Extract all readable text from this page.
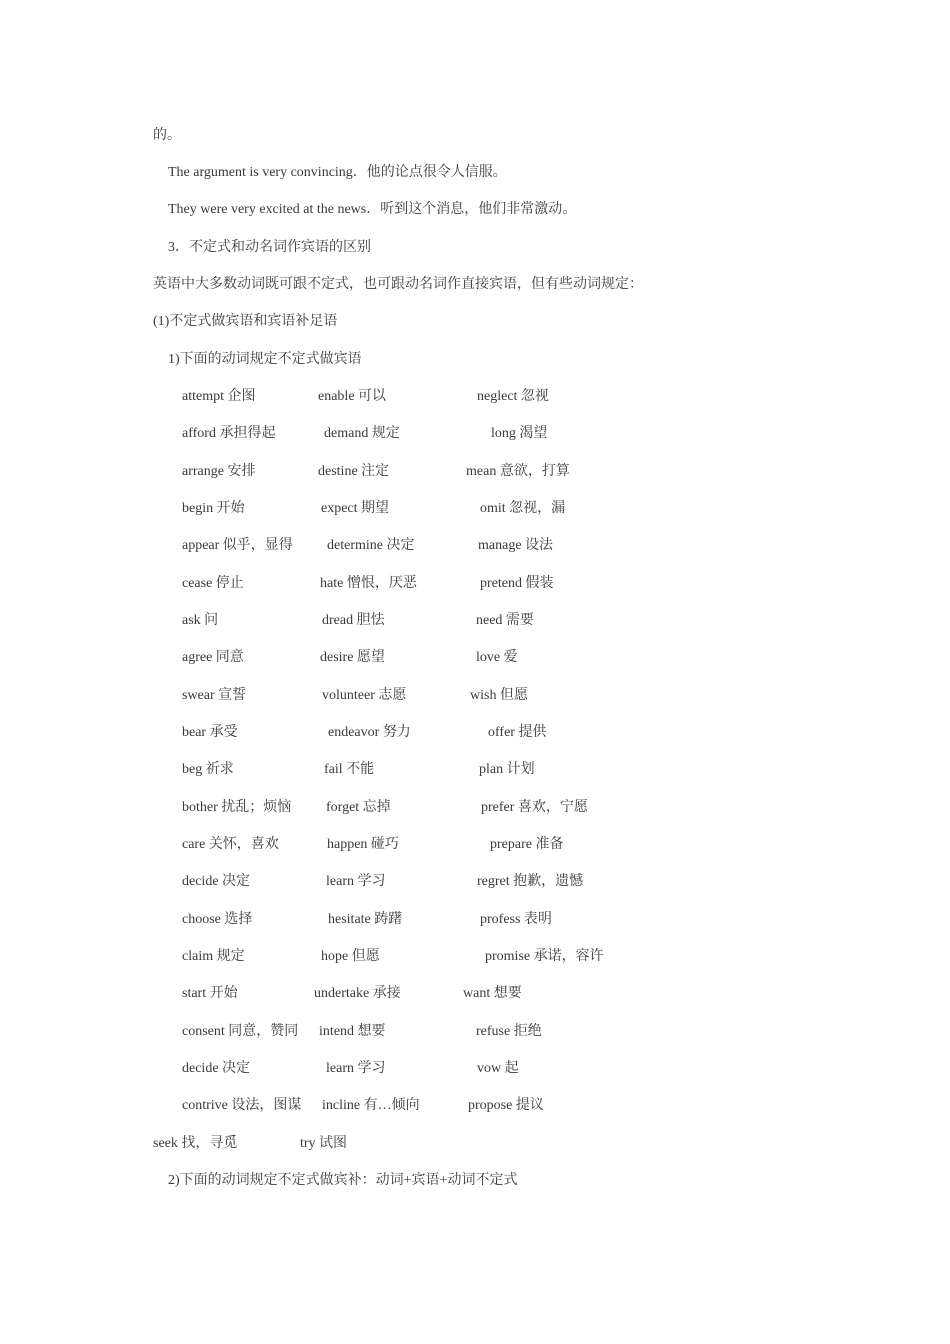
的。
The argument is very convincing．他的论点很令人信服。
They were very excited at the news．听到这个消息，他们非常激动。
3．不定式和动名词作宾语的区别
英语中大多数动词既可跟不定式，也可跟动名词作直接宾语，但有些动词规定：
(1)不定式做宾语和宾语补足语
1)下面的动词规定不定式做宾语
attempt 企图	enable 可以	neglect 忽视
afford 承担得起	demand 规定	long 渴望
arrange 安排	destine 注定	mean 意欲，打算
begin 开始	expect 期望	omit 忽视，漏
appear 似乎，显得 determine 决定	manage 设法
cease 停止	hate 憎恨，厌恶	pretend 假装
ask 问	dread 胆怯	need 需要
agree 同意	desire 愿望	love 爱
swear 宣誓	volunteer 志愿	wish 但愿
bear 承受	endeavor 努力	offer 提供
beg 祈求	fail 不能	plan 计划
bother 扰乱；烦恼 forget 忘掉	prefer 喜欢，宁愿
care 关怀，喜欢	happen 碰巧	prepare 准备
decide 决定	learn 学习	regret 抱歉，遗憾
choose 选择	hesitate 踌躇	profess 表明
claim 规定	hope 但愿	promise 承诺，容许
start 开始	undertake 承接	want 想要
consent 同意，赞同 intend 想要	refuse 拒绝
decide 决定	learn 学习	vow 起
contrive 设法，图谋 incline 有…倾向	propose 提议
seek 找，寻觅	try 试图
2)下面的动词规定不定式做宾补：动词+宾语+动词不定式
